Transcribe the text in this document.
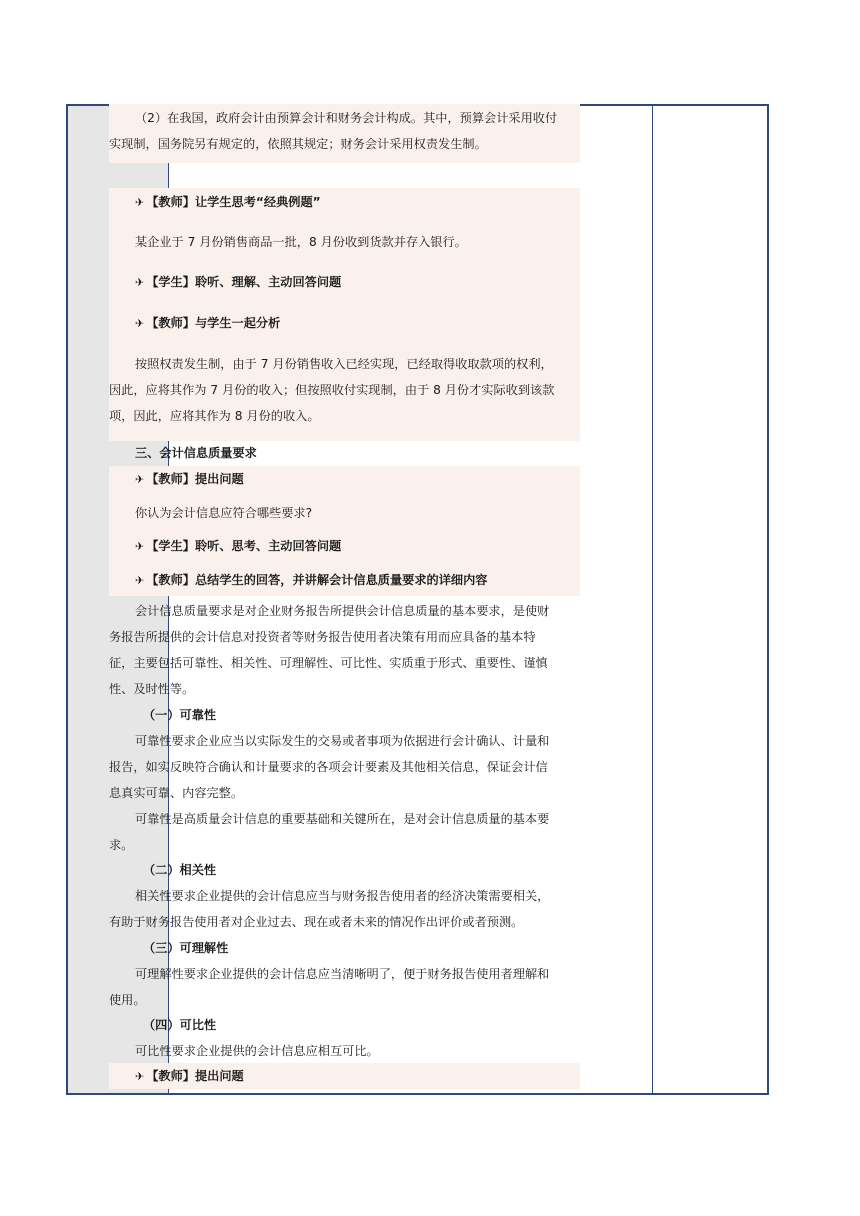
（2）在我国，政府会计由预算会计和财务会计构成。其中，预算会计采用收付
实现制，国务院另有规定的，依照其规定；财务会计采用权责发生制。
✈ 【教师】让学生思考“经典例题”
某企业于 7 月份销售商品一批，8 月份收到货款并存入银行。
✈ 【学生】聆听、理解、主动回答问题
✈ 【教师】与学生一起分析
按照权责发生制，由于 7 月份销售收入已经实现，已经取得收取款项的权利，
因此，应将其作为 7 月份的收入；但按照收付实现制，由于 8 月份才实际收到该款
项，因此，应将其作为 8 月份的收入。
三、会计信息质量要求
✈ 【教师】提出问题
你认为会计信息应符合哪些要求?
✈ 【学生】聆听、思考、主动回答问题
✈ 【教师】总结学生的回答，并讲解会计信息质量要求的详细内容
会计信息质量要求是对企业财务报告所提供会计信息质量的基本要求，是使财
务报告所提供的会计信息对投资者等财务报告使用者决策有用而应具备的基本特
征，主要包括可靠性、相关性、可理解性、可比性、实质重于形式、重要性、谨慎
性、及时性等。
（一）可靠性
可靠性要求企业应当以实际发生的交易或者事项为依据进行会计确认、计量和
报告，如实反映符合确认和计量要求的各项会计要素及其他相关信息，保证会计信
息真实可靠、内容完整。
可靠性是高质量会计信息的重要基础和关键所在，是对会计信息质量的基本要
求。
（二）相关性
相关性要求企业提供的会计信息应当与财务报告使用者的经济决策需要相关，
有助于财务报告使用者对企业过去、现在或者未来的情况作出评价或者预测。
（三）可理解性
可理解性要求企业提供的会计信息应当清晰明了，便于财务报告使用者理解和
使用。
（四）可比性
可比性要求企业提供的会计信息应相互可比。
✈ 【教师】提出问题
